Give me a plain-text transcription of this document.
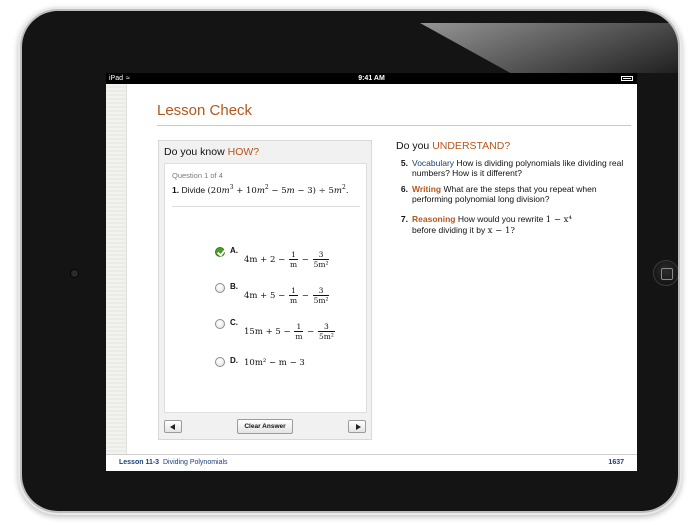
iPad ≈	9:41 AM
Lesson Check
Do you know HOW?
Question 1 of 4
1. Divide $(20m^3 + 10m^2 - 5m - 3) \div 5m^2$.
A.
$4m + 2 - \frac{1}{m} - \frac{3}{\text{5m²}}$
B.
$4m + 5 - \frac{1}{m} - \frac{3}{\text{5m²}}$
C.
$15m + 5 - \frac{1}{m} - \frac{3}{\text{5m²}}$
D. 10m² − m − 3
Clear Answer
Do you UNDERSTAND?
5. Vocabulary How is dividing polynomials like dividing real numbers? How is it different?
6. Writing What are the steps that you repeat when performing polynomial long division?
7. Reasoning How would you rewrite 1 − x⁴ before dividing it by x − 1?
Lesson 11-3 Dividing Polynomials	1637
